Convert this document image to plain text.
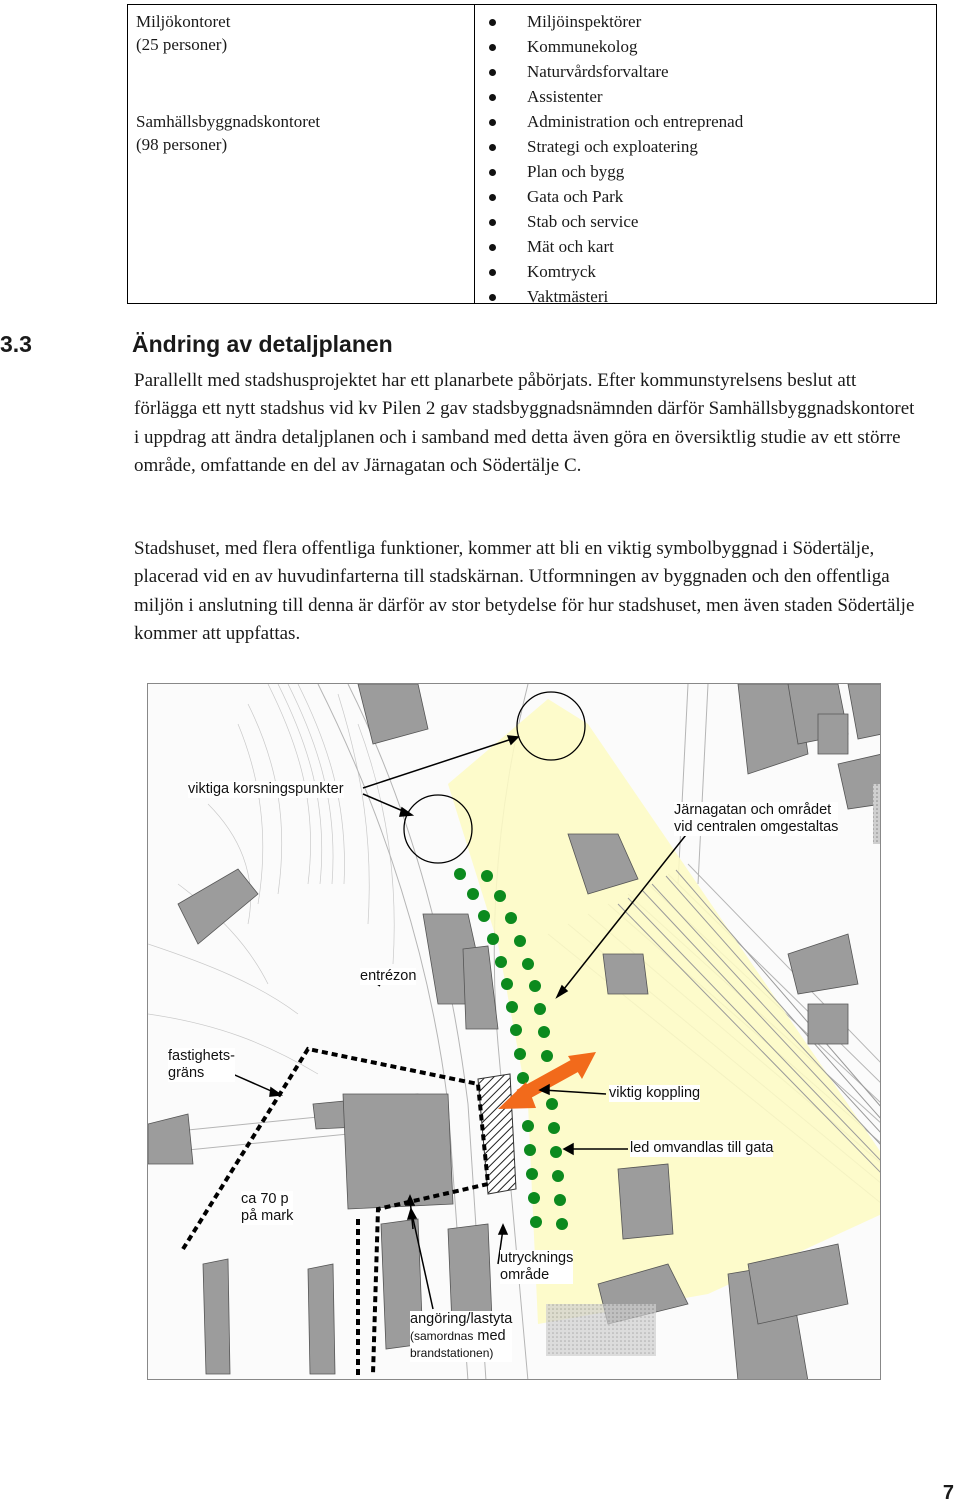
Miljökontoret
(25 personer)
Samhällsbyggnadskontoret
(98 personer)
Miljöinspektörer
Kommunekolog
Naturvårdsforvaltare
Assistenter
Administration och entreprenad
Strategi och exploatering
Plan och bygg
Gata och Park
Stab och service
Mät och kart
Komtryck
Vaktmästeri
3.3	Ändring av detaljplanen

Parallellt med stadshusprojektet har ett planarbete påbörjats. Efter kommunstyrelsens beslut att förlägga ett nytt stadshus vid kv Pilen 2 gav stadsbyggnadsnämnden därför Samhällsbyggnadskontoret i uppdrag att ändra detaljplanen och i samband med detta även göra en översiktlig studie av ett större område, omfattande en del av Järnagatan och Södertälje C.

Stadshuset, med flera offentliga funktioner, kommer att bli en viktig symbolbyggnad i Södertälje, placerad vid en av huvudinfarterna till stadskärnan. Utformningen av byggnaden och den offentliga miljön i anslutning till denna är därför av stor betydelse för hur stadshuset, men även staden Södertälje kommer att uppfattas.

viktiga korsningspunkter
Järnagatan och området
vid centralen omgestaltas
entrézon
fastighets-
gräns
viktig koppling
led omvandlas till gata
ca 70 p
på mark
utrycknings
område
angöring/lastyta
(samordnas med
brandstationen)
7
